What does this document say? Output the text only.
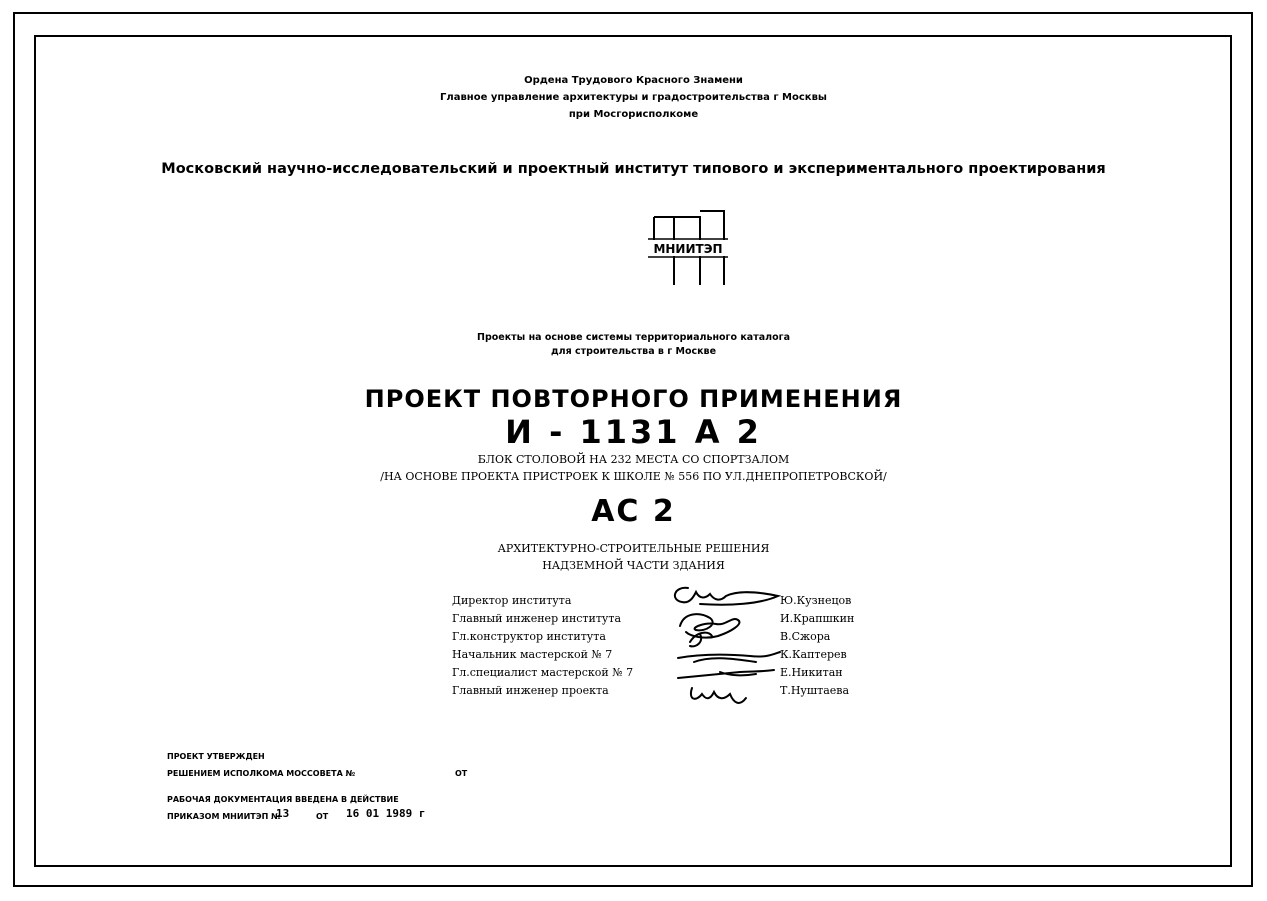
Ордена Трудового Красного Знамени
Главное управление архитектуры и градостроительства г Москвы
при Мосгорисполкоме
Московский научно-исследовательский и проектный институт типового и экспериментального проектирования
МНИИТЭП
Проекты на основе системы территориального каталога
для строительства в г Москве
ПРОЕКТ ПОВТОРНОГО ПРИМЕНЕНИЯ
И - 1131 А 2
БЛОК СТОЛОВОЙ НА 232 МЕСТА СО СПОРТЗАЛОМ
/НА ОСНОВЕ ПРОЕКТА ПРИСТРОЕК К ШКОЛЕ № 556 ПО УЛ.ДНЕПРОПЕТРОВСКОЙ/
АС 2
АРХИТЕКТУРНО-СТРОИТЕЛЬНЫЕ РЕШЕНИЯ
НАДЗЕМНОЙ ЧАСТИ ЗДАНИЯ
Директор института	Ю.Кузнецов
Главный инженер института	И.Крапшкин
Гл.конструктор института	В.Сжора
Начальник мастерской № 7	К.Каптерев
Гл.специалист мастерской № 7	Е.Никитан
Главный инженер проекта	Т.Нуштаева
ПРОЕКТ УТВЕРЖДЕН
РЕШЕНИЕМ ИСПОЛКОМА МОССОВЕТА №	ОТ
РАБОЧАЯ ДОКУМЕНТАЦИЯ ВВЕДЕНА В ДЕЙСТВИЕ
ПРИКАЗОМ МНИИТЭП №
13	ОТ 16 01 1989 г
